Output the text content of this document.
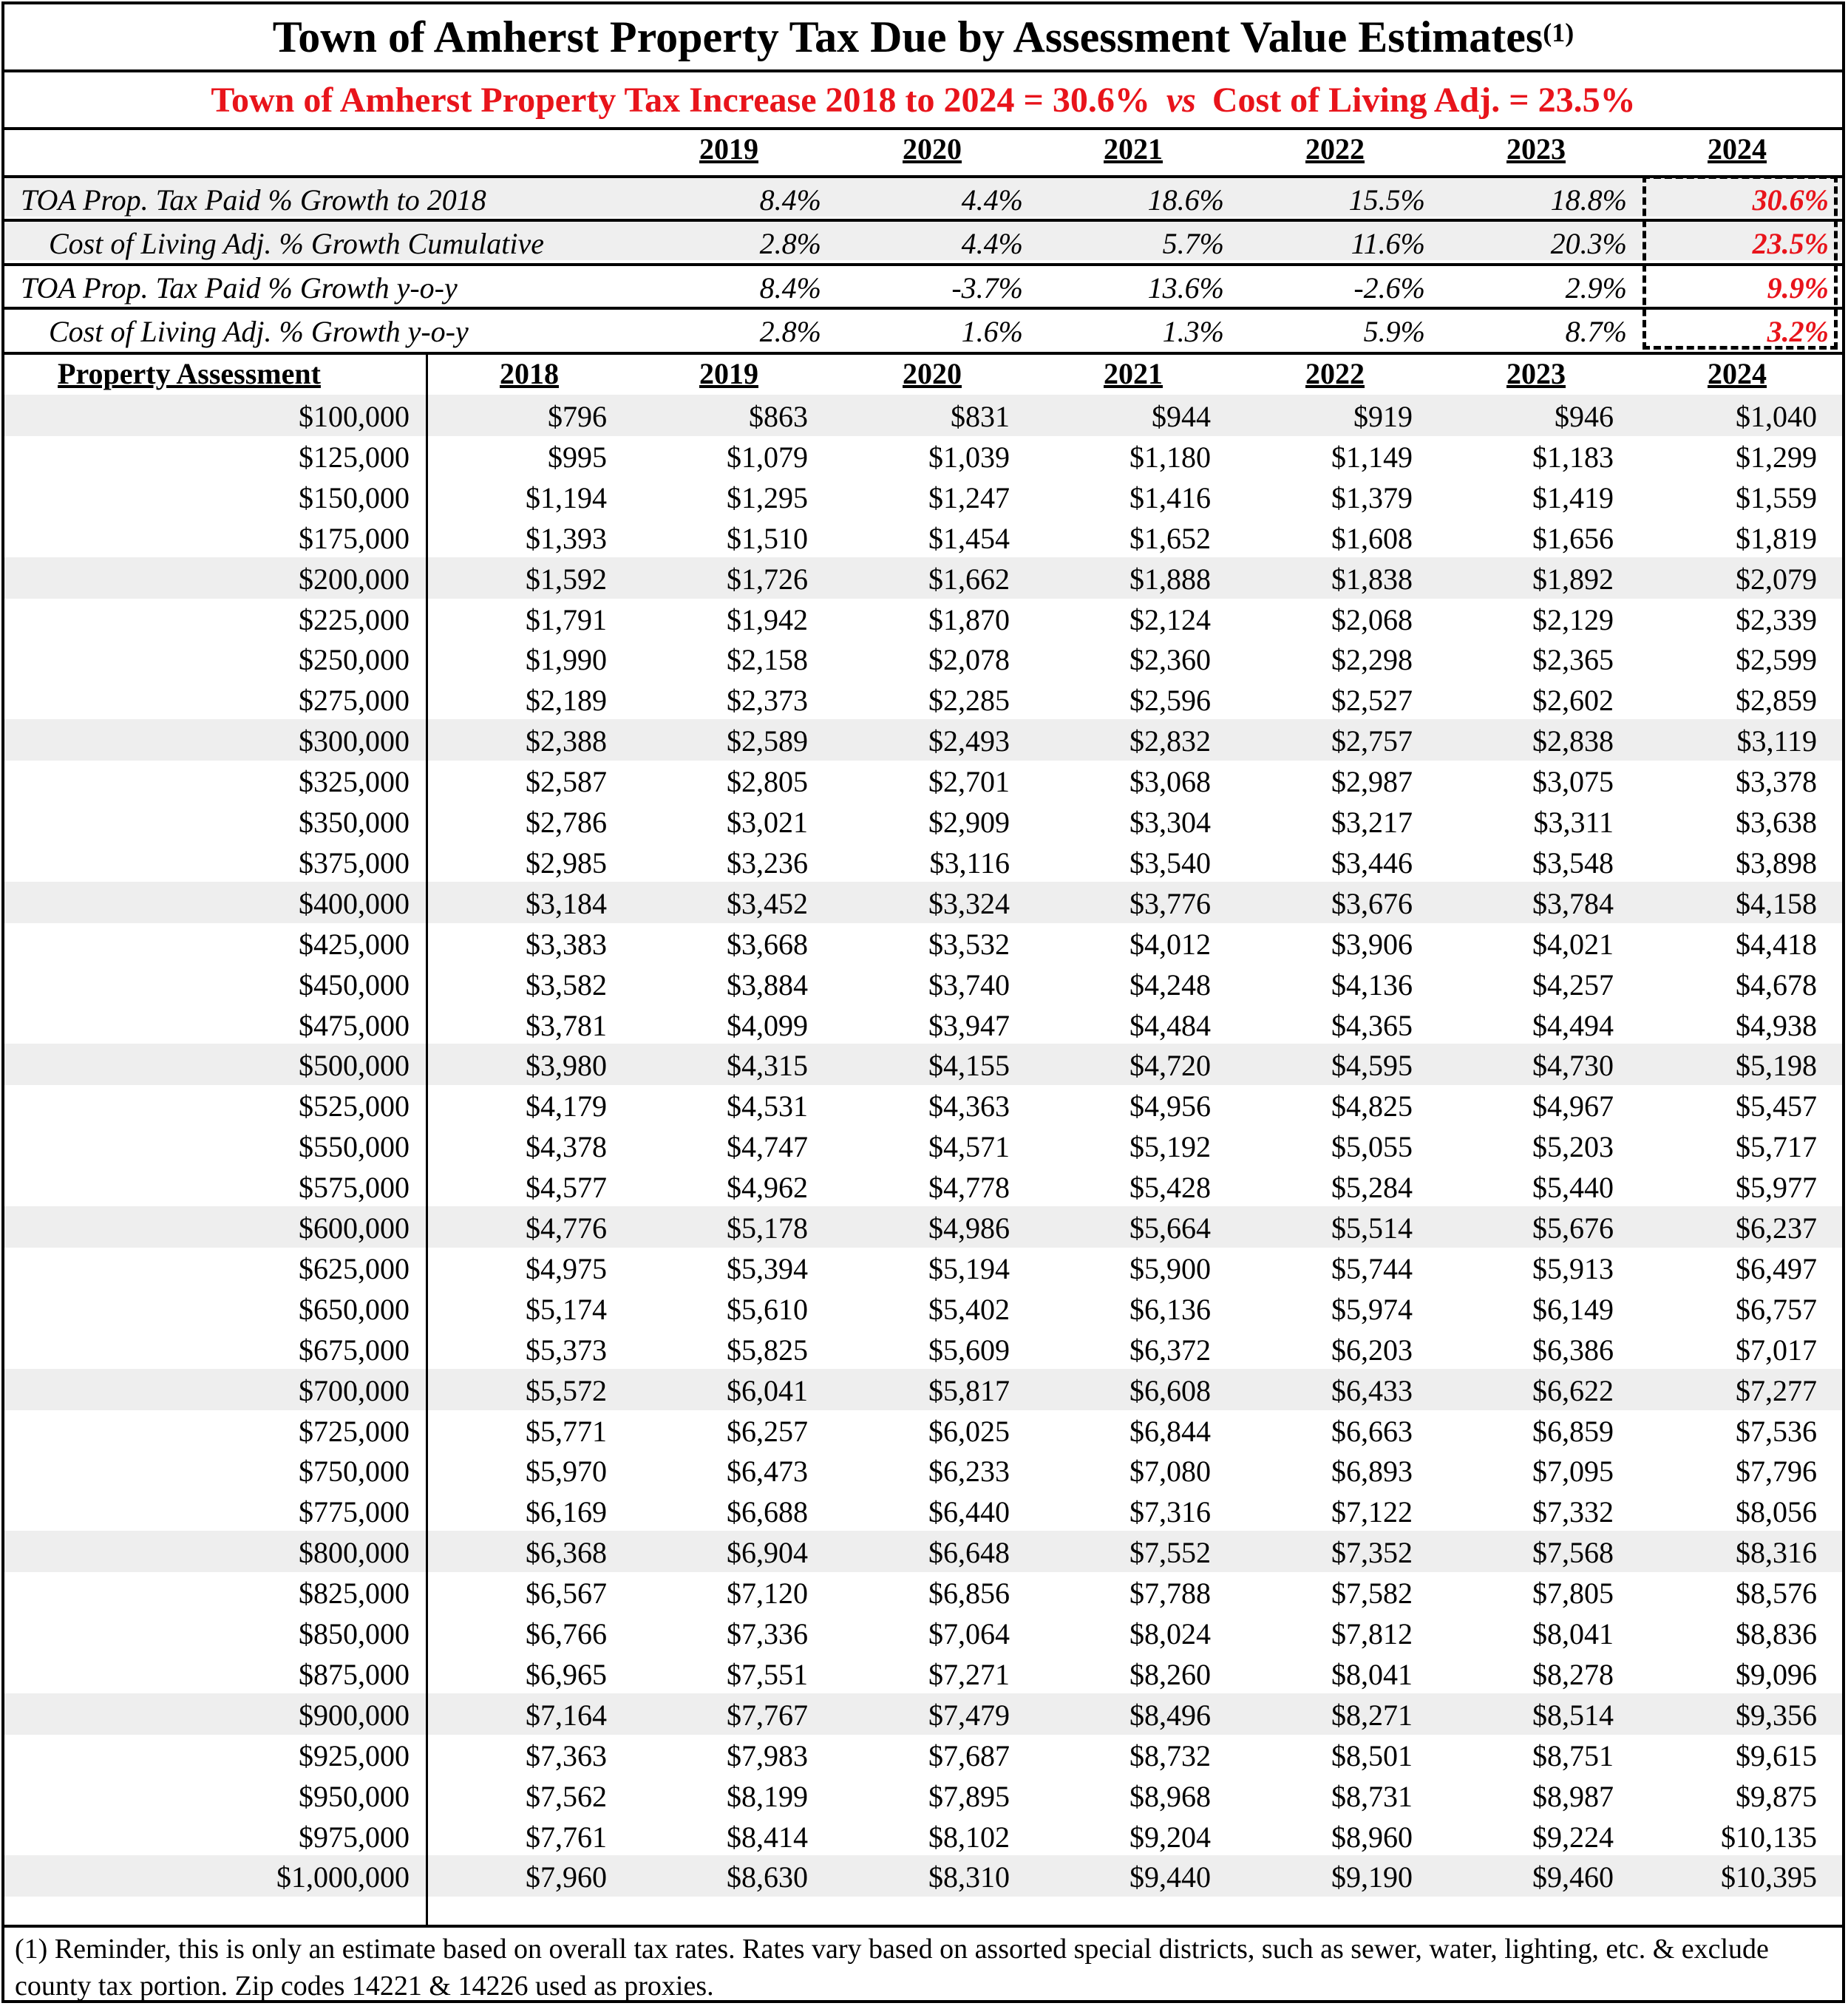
Town of Amherst Property Tax Due by Assessment Value Estimates$^{(1)}$
Town of Amherst Property Tax Increase 2018 to 2024 = 30.6% vs Cost of Living Adj. = 23.5%
2019	2020	2021	2022	2023	2024
TOA Prop. Tax Paid % Growth to 2018	8.4%	4.4%	18.6%	15.5%	18.8%	30.6%
Cost of Living Adj. % Growth Cumulative	2.8%	4.4%	5.7%	11.6%	20.3%	23.5%
TOA Prop. Tax Paid % Growth y-o-y	8.4%	-3.7%	13.6%	-2.6%	2.9%	9.9%
Cost of Living Adj. % Growth y-o-y	2.8%	1.6%	1.3%	5.9%	8.7%	3.2%
Property Assessment	2018	2019	2020	2021	2022	2023	2024
$100,000	$796	$863	$831	$944	$919	$946	$1,040
$125,000	$995	$1,079	$1,039	$1,180	$1,149	$1,183	$1,299
$150,000	$1,194	$1,295	$1,247	$1,416	$1,379	$1,419	$1,559
$175,000	$1,393	$1,510	$1,454	$1,652	$1,608	$1,656	$1,819
$200,000	$1,592	$1,726	$1,662	$1,888	$1,838	$1,892	$2,079
$225,000	$1,791	$1,942	$1,870	$2,124	$2,068	$2,129	$2,339
$250,000	$1,990	$2,158	$2,078	$2,360	$2,298	$2,365	$2,599
$275,000	$2,189	$2,373	$2,285	$2,596	$2,527	$2,602	$2,859
$300,000	$2,388	$2,589	$2,493	$2,832	$2,757	$2,838	$3,119
$325,000	$2,587	$2,805	$2,701	$3,068	$2,987	$3,075	$3,378
$350,000	$2,786	$3,021	$2,909	$3,304	$3,217	$3,311	$3,638
$375,000	$2,985	$3,236	$3,116	$3,540	$3,446	$3,548	$3,898
$400,000	$3,184	$3,452	$3,324	$3,776	$3,676	$3,784	$4,158
$425,000	$3,383	$3,668	$3,532	$4,012	$3,906	$4,021	$4,418
$450,000	$3,582	$3,884	$3,740	$4,248	$4,136	$4,257	$4,678
$475,000	$3,781	$4,099	$3,947	$4,484	$4,365	$4,494	$4,938
$500,000	$3,980	$4,315	$4,155	$4,720	$4,595	$4,730	$5,198
$525,000	$4,179	$4,531	$4,363	$4,956	$4,825	$4,967	$5,457
$550,000	$4,378	$4,747	$4,571	$5,192	$5,055	$5,203	$5,717
$575,000	$4,577	$4,962	$4,778	$5,428	$5,284	$5,440	$5,977
$600,000	$4,776	$5,178	$4,986	$5,664	$5,514	$5,676	$6,237
$625,000	$4,975	$5,394	$5,194	$5,900	$5,744	$5,913	$6,497
$650,000	$5,174	$5,610	$5,402	$6,136	$5,974	$6,149	$6,757
$675,000	$5,373	$5,825	$5,609	$6,372	$6,203	$6,386	$7,017
$700,000	$5,572	$6,041	$5,817	$6,608	$6,433	$6,622	$7,277
$725,000	$5,771	$6,257	$6,025	$6,844	$6,663	$6,859	$7,536
$750,000	$5,970	$6,473	$6,233	$7,080	$6,893	$7,095	$7,796
$775,000	$6,169	$6,688	$6,440	$7,316	$7,122	$7,332	$8,056
$800,000	$6,368	$6,904	$6,648	$7,552	$7,352	$7,568	$8,316
$825,000	$6,567	$7,120	$6,856	$7,788	$7,582	$7,805	$8,576
$850,000	$6,766	$7,336	$7,064	$8,024	$7,812	$8,041	$8,836
$875,000	$6,965	$7,551	$7,271	$8,260	$8,041	$8,278	$9,096
$900,000	$7,164	$7,767	$7,479	$8,496	$8,271	$8,514	$9,356
$925,000	$7,363	$7,983	$7,687	$8,732	$8,501	$8,751	$9,615
$950,000	$7,562	$8,199	$7,895	$8,968	$8,731	$8,987	$9,875
$975,000	$7,761	$8,414	$8,102	$9,204	$8,960	$9,224	$10,135
$1,000,000	$7,960	$8,630	$8,310	$9,440	$9,190	$9,460	$10,395
(1) Reminder, this is only an estimate based on overall tax rates. Rates vary based on assorted special districts, such as sewer, water, lighting, etc. & exclude county tax portion. Zip codes 14221 & 14226 used as proxies.
